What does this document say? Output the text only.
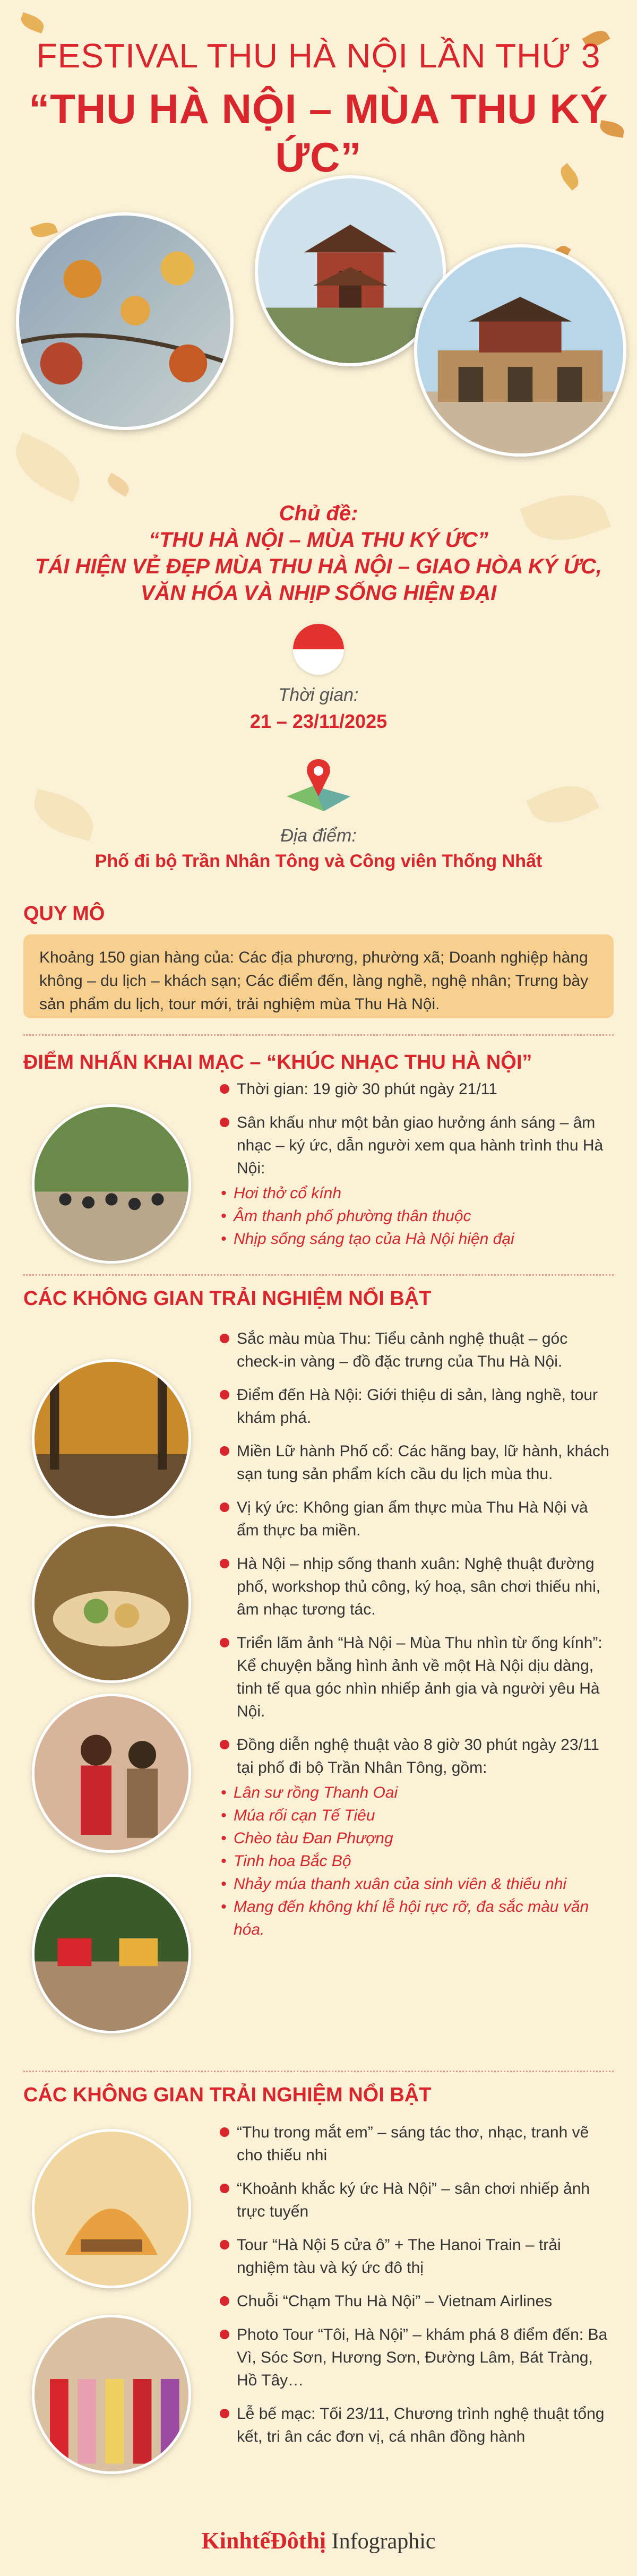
FESTIVAL THU HÀ NỘI LẦN THỨ 3
“THU HÀ NỘI – MÙA THU KÝ ỨC”
Chủ đề:
“THU HÀ NỘI – MÙA THU KÝ ỨC”
TÁI HIỆN VẺ ĐẸP MÙA THU HÀ NỘI – GIAO HÒA KÝ ỨC,
VĂN HÓA VÀ NHỊP SỐNG HIỆN ĐẠI
Thời gian:
21 – 23/11/2025
Địa điểm:
Phố đi bộ Trần Nhân Tông và Công viên Thống Nhất
QUY MÔ
Khoảng 150 gian hàng của: Các địa phương, phường xã; Doanh nghiệp hàng không – du lịch – khách sạn; Các điểm đến, làng nghề, nghệ nhân; Trưng bày sản phẩm du lịch, tour mới, trải nghiệm mùa Thu Hà Nội.
ĐIỂM NHẤN KHAI MẠC – “KHÚC NHẠC THU HÀ NỘI”
Thời gian: 19 giờ 30 phút ngày 21/11
Sân khấu như một bản giao hưởng ánh sáng – âm nhạc – ký ức, dẫn người xem qua hành trình thu Hà Nội:
• Hơi thở cổ kính
• Âm thanh phố phường thân thuộc
• Nhịp sống sáng tạo của Hà Nội hiện đại
CÁC KHÔNG GIAN TRẢI NGHIỆM NỔI BẬT
Sắc màu mùa Thu: Tiểu cảnh nghệ thuật – góc check-in vàng – đồ đặc trưng của Thu Hà Nội.
Điểm đến Hà Nội: Giới thiệu di sản, làng nghề, tour khám phá.
Miền Lữ hành Phố cổ: Các hãng bay, lữ hành, khách sạn tung sản phẩm kích cầu du lịch mùa thu.
Vị ký ức: Không gian ẩm thực mùa Thu Hà Nội và ẩm thực ba miền.
Hà Nội – nhịp sống thanh xuân: Nghệ thuật đường phố, workshop thủ công, ký hoạ, sân chơi thiếu nhi, âm nhạc tương tác.
Triển lãm ảnh “Hà Nội – Mùa Thu nhìn từ ống kính”: Kể chuyện bằng hình ảnh về một Hà Nội dịu dàng, tinh tế qua góc nhìn nhiếp ảnh gia và người yêu Hà Nội.
Đồng diễn nghệ thuật vào 8 giờ 30 phút ngày 23/11 tại phố đi bộ Trần Nhân Tông, gồm:
• Lân sư rồng Thanh Oai
• Múa rối cạn Tế Tiêu
• Chèo tàu Đan Phượng
• Tinh hoa Bắc Bộ
• Nhảy múa thanh xuân của sinh viên & thiếu nhi
• Mang đến không khí lễ hội rực rỡ, đa sắc màu văn hóa.
CÁC KHÔNG GIAN TRẢI NGHIỆM NỔI BẬT
“Thu trong mắt em” – sáng tác thơ, nhạc, tranh vẽ cho thiếu nhi
“Khoảnh khắc ký ức Hà Nội” – sân chơi nhiếp ảnh trực tuyến
Tour “Hà Nội 5 cửa ô” + The Hanoi Train – trải nghiệm tàu và ký ức đô thị
Chuỗi “Chạm Thu Hà Nội” – Vietnam Airlines
Photo Tour “Tôi, Hà Nội” – khám phá 8 điểm đến: Ba Vì, Sóc Sơn, Hương Sơn, Đường Lâm, Bát Tràng, Hồ Tây…
Lễ bế mạc: Tối 23/11, Chương trình nghệ thuật tổng kết, tri ân các đơn vị, cá nhân đồng hành
KinhtếĐôthị Infographic
